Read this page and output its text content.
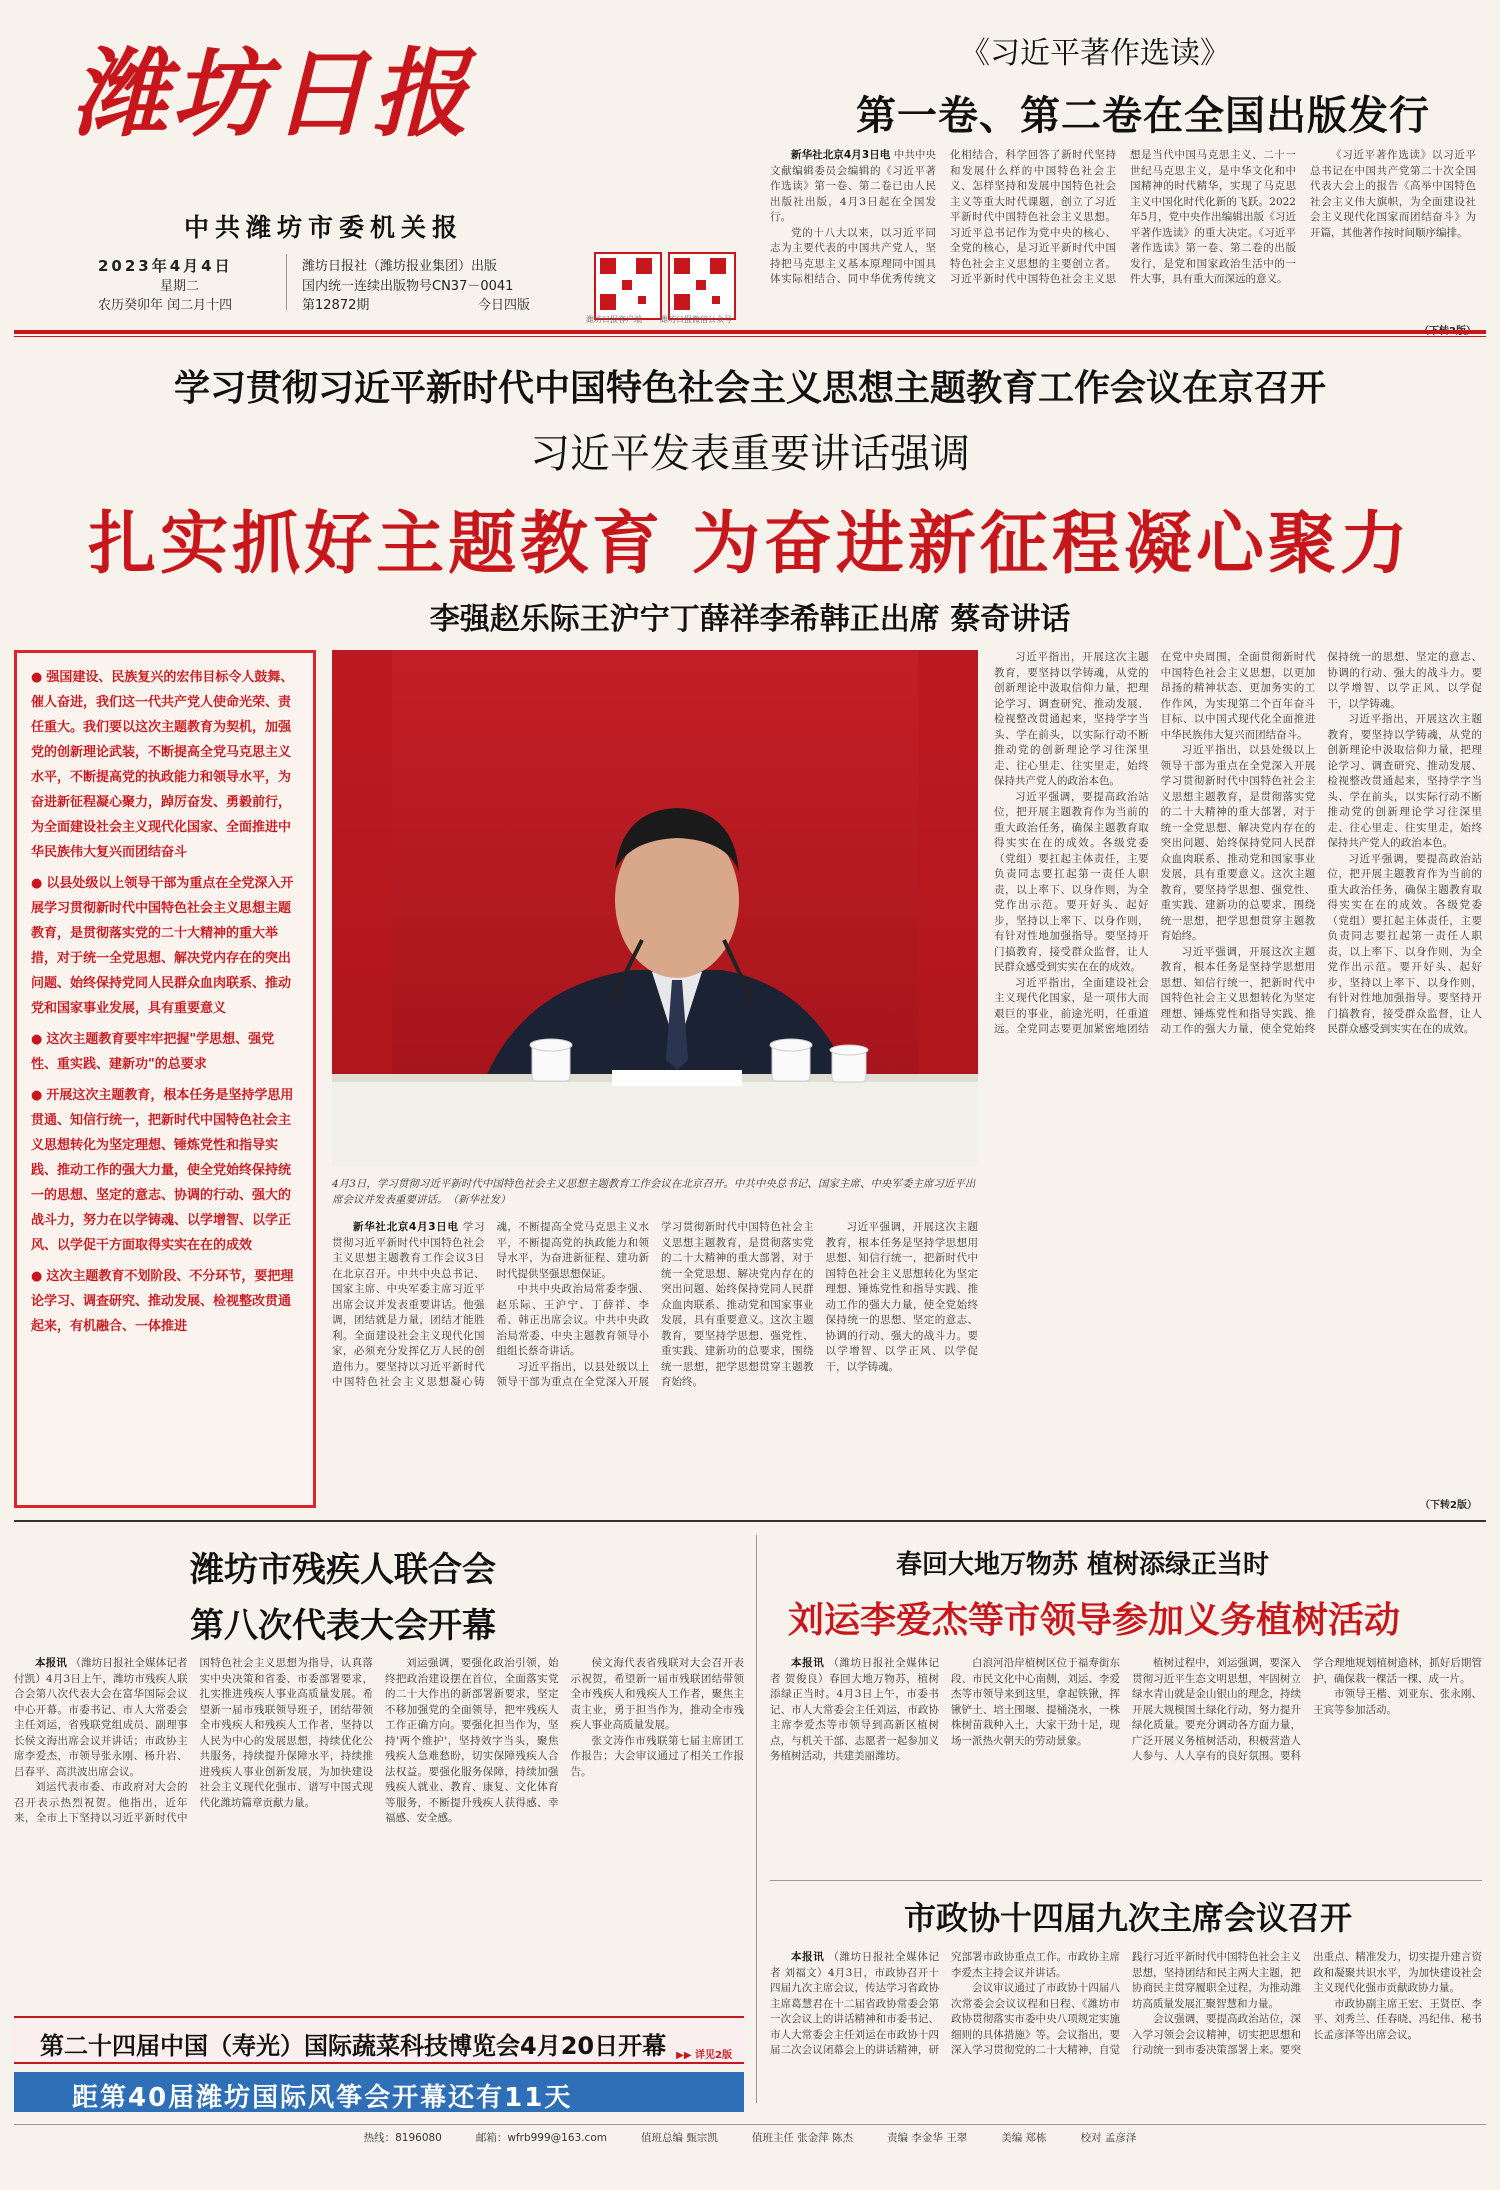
潍坊日报
中共潍坊市委机关报
2023年4月4日
星期二
农历癸卯年 闰二月十四
潍坊日报社（潍坊报业集团）出版
国内统一连续出版物号CN37－0041
第12872期	今日四版
潍坊日报客户端 潍坊日报微信公众号
《习近平著作选读》
第一卷、第二卷在全国出版发行

新华社北京4月3日电 中共中央文献编辑委员会编辑的《习近平著作选读》第一卷、第二卷已由人民出版社出版，4月3日起在全国发行。

党的十八大以来，以习近平同志为主要代表的中国共产党人，坚持把马克思主义基本原理同中国具体实际相结合、同中华优秀传统文化相结合，科学回答了新时代坚持和发展什么样的中国特色社会主义、怎样坚持和发展中国特色社会主义等重大时代课题，创立了习近平新时代中国特色社会主义思想。习近平总书记作为党中央的核心、全党的核心，是习近平新时代中国特色社会主义思想的主要创立者。习近平新时代中国特色社会主义思想是当代中国马克思主义、二十一世纪马克思主义，是中华文化和中国精神的时代精华，实现了马克思主义中国化时代化新的飞跃。2022年5月，党中央作出编辑出版《习近平著作选读》的重大决定。《习近平著作选读》第一卷、第二卷的出版发行，是党和国家政治生活中的一件大事，具有重大而深远的意义。

《习近平著作选读》以习近平总书记在中国共产党第二十次全国代表大会上的报告《高举中国特色社会主义伟大旗帜，为全面建设社会主义现代化国家而团结奋斗》为开篇，其他著作按时间顺序编排。

学习贯彻习近平新时代中国特色社会主义思想主题教育工作会议在京召开
习近平发表重要讲话强调
扎实抓好主题教育 为奋进新征程凝心聚力
李强赵乐际王沪宁丁薛祥李希韩正出席 蔡奇讲话

● 强国建设、民族复兴的宏伟目标令人鼓舞、催人奋进，我们这一代共产党人使命光荣、责任重大。我们要以这次主题教育为契机，加强党的创新理论武装，不断提高全党马克思主义水平，不断提高党的执政能力和领导水平，为奋进新征程凝心聚力，踔厉奋发、勇毅前行，为全面建设社会主义现代化国家、全面推进中华民族伟大复兴而团结奋斗

● 以县处级以上领导干部为重点在全党深入开展学习贯彻新时代中国特色社会主义思想主题教育，是贯彻落实党的二十大精神的重大举措，对于统一全党思想、解决党内存在的突出问题、始终保持党同人民群众血肉联系、推动党和国家事业发展，具有重要意义

● 这次主题教育要牢牢把握"学思想、强党性、重实践、建新功"的总要求

● 开展这次主题教育，根本任务是坚持学思用贯通、知信行统一，把新时代中国特色社会主义思想转化为坚定理想、锤炼党性和指导实践、推动工作的强大力量，使全党始终保持统一的思想、坚定的意志、协调的行动、强大的战斗力，努力在以学铸魂、以学增智、以学正风、以学促干方面取得实实在在的成效

● 这次主题教育不划阶段、不分环节，要把理论学习、调查研究、推动发展、检视整改贯通起来，有机融合、一体推进

4月3日，学习贯彻习近平新时代中国特色社会主义思想主题教育工作会议在北京召开。中共中央总书记、国家主席、中央军委主席习近平出席会议并发表重要讲话。　（新华社发）

新华社北京4月3日电 学习贯彻习近平新时代中国特色社会主义思想主题教育工作会议3日在北京召开。中共中央总书记、国家主席、中央军委主席习近平出席会议并发表重要讲话。他强调，团结就是力量，团结才能胜利。全面建设社会主义现代化国家，必须充分发挥亿万人民的创造伟力。要坚持以习近平新时代中国特色社会主义思想凝心铸魂，不断提高全党马克思主义水平，不断提高党的执政能力和领导水平，为奋进新征程、建功新时代提供坚强思想保证。

中共中央政治局常委李强、赵乐际、王沪宁、丁薛祥、李希、韩正出席会议。中共中央政治局常委、中央主题教育领导小组组长蔡奇讲话。

习近平指出，以县处级以上领导干部为重点在全党深入开展学习贯彻新时代中国特色社会主义思想主题教育，是贯彻落实党的二十大精神的重大部署，对于统一全党思想、解决党内存在的突出问题、始终保持党同人民群众血肉联系、推动党和国家事业发展，具有重要意义。这次主题教育，要坚持学思想、强党性、重实践、建新功的总要求，围绕统一思想，把学思想贯穿主题教育始终。

习近平强调，开展这次主题教育，根本任务是坚持学思想用思想、知信行统一，把新时代中国特色社会主义思想转化为坚定理想、锤炼党性和指导实践、推动工作的强大力量，使全党始终保持统一的思想、坚定的意志、协调的行动、强大的战斗力。要以学增智、以学正风、以学促干，以学铸魂。

习近平指出，开展这次主题教育，要坚持以学铸魂，从党的创新理论中汲取信仰力量，把理论学习、调查研究、推动发展、检视整改贯通起来，坚持学字当头、学在前头，以实际行动不断推动党的创新理论学习往深里走、往心里走、往实里走，始终保持共产党人的政治本色。

习近平强调，要提高政治站位，把开展主题教育作为当前的重大政治任务，确保主题教育取得实实在在的成效。各级党委（党组）要扛起主体责任，主要负责同志要扛起第一责任人职责，以上率下、以身作则，为全党作出示范。要开好头、起好步，坚持以上率下、以身作则，有针对性地加强指导。要坚持开门搞教育，接受群众监督，让人民群众感受到实实在在的成效。

习近平指出，全面建设社会主义现代化国家，是一项伟大而艰巨的事业，前途光明，任重道远。全党同志要更加紧密地团结在党中央周围，全面贯彻新时代中国特色社会主义思想，以更加昂扬的精神状态、更加务实的工作作风，为实现第二个百年奋斗目标、以中国式现代化全面推进中华民族伟大复兴而团结奋斗。

习近平指出，以县处级以上领导干部为重点在全党深入开展学习贯彻新时代中国特色社会主义思想主题教育，是贯彻落实党的二十大精神的重大部署，对于统一全党思想、解决党内存在的突出问题、始终保持党同人民群众血肉联系、推动党和国家事业发展，具有重要意义。这次主题教育，要坚持学思想、强党性、重实践、建新功的总要求，围绕统一思想，把学思想贯穿主题教育始终。

习近平强调，开展这次主题教育，根本任务是坚持学思想用思想、知信行统一，把新时代中国特色社会主义思想转化为坚定理想、锤炼党性和指导实践、推动工作的强大力量，使全党始终保持统一的思想、坚定的意志、协调的行动、强大的战斗力。要以学增智、以学正风、以学促干，以学铸魂。

习近平指出，开展这次主题教育，要坚持以学铸魂，从党的创新理论中汲取信仰力量，把理论学习、调查研究、推动发展、检视整改贯通起来，坚持学字当头、学在前头，以实际行动不断推动党的创新理论学习往深里走、往心里走、往实里走，始终保持共产党人的政治本色。

习近平强调，要提高政治站位，把开展主题教育作为当前的重大政治任务，确保主题教育取得实实在在的成效。各级党委（党组）要扛起主体责任，主要负责同志要扛起第一责任人职责，以上率下、以身作则，为全党作出示范。要开好头、起好步，坚持以上率下、以身作则，有针对性地加强指导。要坚持开门搞教育，接受群众监督，让人民群众感受到实实在在的成效。

（下转2版）
潍坊市残疾人联合会
第八次代表大会开幕

本报讯 （潍坊日报社全媒体记者 付凯）4月3日上午，潍坊市残疾人联合会第八次代表大会在富华国际会议中心开幕。市委书记、市人大常委会主任刘运，省残联党组成员、副理事长侯文海出席会议并讲话；市政协主席李爱杰，市领导张永刚、杨升岩、吕春平、高洪波出席会议。

刘运代表市委、市政府对大会的召开表示热烈祝贺。他指出，近年来，全市上下坚持以习近平新时代中国特色社会主义思想为指导，认真落实中央决策和省委、市委部署要求，扎实推进残疾人事业高质量发展。希望新一届市残联领导班子，团结带领全市残疾人和残疾人工作者，坚持以人民为中心的发展思想，持续优化公共服务，持续提升保障水平，持续推进残疾人事业创新发展，为加快建设社会主义现代化强市、谱写中国式现代化潍坊篇章贡献力量。

刘运强调，要强化政治引领，始终把政治建设摆在首位，全面落实党的二十大作出的新部署新要求，坚定不移加强党的全面领导，把牢残疾人工作正确方向。要强化担当作为，坚持'两个维护'，坚持效字当头，聚焦残疾人急难愁盼，切实保障残疾人合法权益。要强化服务保障，持续加强残疾人就业、教育、康复、文化体育等服务，不断提升残疾人获得感、幸福感、安全感。

侯文海代表省残联对大会召开表示祝贺，希望新一届市残联团结带领全市残疾人和残疾人工作者，聚焦主责主业，勇于担当作为，推动全市残疾人事业高质量发展。

张文涛作市残联第七届主席团工作报告；大会审议通过了相关工作报告。

春回大地万物苏 植树添绿正当时
刘运李爱杰等市领导参加义务植树活动

本报讯 （潍坊日报社全媒体记者 贺俊良）春回大地万物苏，植树添绿正当时。4月3日上午，市委书记、市人大常委会主任刘运，市政协主席李爱杰等市领导到高新区植树点，与机关干部、志愿者一起参加义务植树活动，共建美丽潍坊。

白浪河沿岸植树区位于福寿街东段、市民文化中心南侧，刘运、李爱杰等市领导来到这里，拿起铁锹，挥锹铲土、培土围堰、提桶浇水，一株株树苗栽种入土，大家干劲十足，现场一派热火朝天的劳动景象。

植树过程中，刘运强调，要深入贯彻习近平生态文明思想，牢固树立绿水青山就是金山银山的理念，持续开展大规模国土绿化行动，努力提升绿化质量。要充分调动各方面力量，广泛开展义务植树活动，积极营造人人参与、人人享有的良好氛围。要科学合理地规划植树造林，抓好后期管护，确保栽一棵活一棵、成一片。

市领导王楷、刘亚东、张永刚、王宾等参加活动。

市政协十四届九次主席会议召开

本报讯 （潍坊日报社全媒体记者 刘福文）4月3日，市政协召开十四届九次主席会议，传达学习省政协主席葛慧君在十二届省政协常委会第一次会议上的讲话精神和市委书记、市人大常委会主任刘运在市政协十四届二次会议闭幕会上的讲话精神，研究部署市政协重点工作。市政协主席李爱杰主持会议并讲话。

会议审议通过了市政协十四届八次常委会会议议程和日程、《潍坊市政协贯彻落实市委中央八项规定实施细则的具体措施》等。会议指出，要深入学习贯彻党的二十大精神，自觉践行习近平新时代中国特色社会主义思想，坚持团结和民主两大主题，把协商民主贯穿履职全过程，为推动潍坊高质量发展汇聚智慧和力量。

会议强调，要提高政治站位，深入学习领会会议精神，切实把思想和行动统一到市委决策部署上来。要突出重点、精准发力，切实提升建言资政和凝聚共识水平，为加快建设社会主义现代化强市贡献政协力量。

市政协副主席王宏、王贤臣、李平、刘秀兰、任春晓、冯纪伟、秘书长孟彦泽等出席会议。

第二十四届中国（寿光）国际蔬菜科技博览会4月20日开幕 ▶▶ 详见2版
距第40届潍坊国际风筝会开幕还有11天
热线：8196080	邮箱：wfrb999@163.com	值班总编 甄宗凯	值班主任 张金萍 陈杰	责编 李金华 王翠	美编 郑栋	校对 孟彦泽
